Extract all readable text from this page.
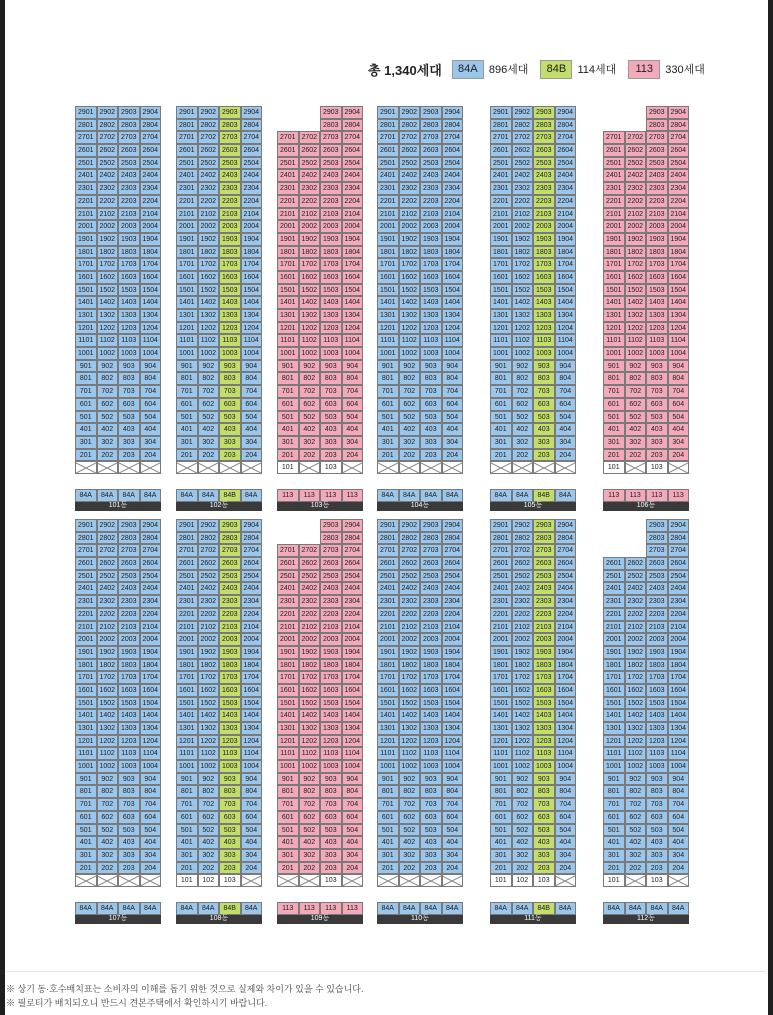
총 1,340세대	84A	896세대	84B	114세대	113	330세대
2901 2902 2903 2904
2801 2802 2803 2804
2701 2702 2703 2704
2601 2602 2603 2604
2501 2502 2503 2504
2401 2402 2403 2404
2301 2302 2303 2304
2201 2202 2203 2204
2101 2102 2103 2104
2001 2002 2003 2004
1901 1902 1903 1904
1801 1802 1803 1804
1701 1702 1703 1704
1601 1602 1603 1604
1501 1502 1503 1504
1401 1402 1403 1404
1301 1302 1303 1304
1201 1202 1203 1204
1101 1102 1103 1104
1001 1002 1003 1004
901	902	903	904
801	802	803	804
701	702	703	704
601	602	603	604
501	502	503	504
401	402	403	404
301	302	303	304
201	202	203	204
84A	84A	84A	84A
101동
2901 2902 2903 2904
2801 2802 2803 2804
2701 2702 2703 2704
2601 2602 2603 2604
2501 2502 2503 2504
2401 2402 2403 2404
2301 2302 2303 2304
2201 2202 2203 2204
2101 2102 2103 2104
2001 2002 2003 2004
1901 1902 1903 1904
1801 1802 1803 1804
1701 1702 1703 1704
1601 1602 1603 1604
1501 1502 1503 1504
1401 1402 1403 1404
1301 1302 1303 1304
1201 1202 1203 1204
1101 1102 1103 1104
1001 1002 1003 1004
901	902	903	904
801	802	803	804
701	702	703	704
601	602	603	604
501	502	503	504
401	402	403	404
301	302	303	304
201	202	203	204
84A	84A	84B	84A
102동
2903 2904
2803 2804
2701 2702 2703 2704
2601 2602 2603 2604
2501 2502 2503 2504
2401 2402 2403 2404
2301 2302 2303 2304
2201 2202 2203 2204
2101 2102 2103 2104
2001 2002 2003 2004
1901 1902 1903 1904
1801 1802 1803 1804
1701 1702 1703 1704
1601 1602 1603 1604
1501 1502 1503 1504
1401 1402 1403 1404
1301 1302 1303 1304
1201 1202 1203 1204
1101 1102 1103 1104
1001 1002 1003 1004
901	902	903	904
801	802	803	804
701	702	703	704
601	602	603	604
501	502	503	504
401	402	403	404
301	302	303	304
201	202	203	204
101	103
113	113	113	113
103동
2901 2902 2903 2904
2801 2802 2803 2804
2701 2702 2703 2704
2601 2602 2603 2604
2501 2502 2503 2504
2401 2402 2403 2404
2301 2302 2303 2304
2201 2202 2203 2204
2101 2102 2103 2104
2001 2002 2003 2004
1901 1902 1903 1904
1801 1802 1803 1804
1701 1702 1703 1704
1601 1602 1603 1604
1501 1502 1503 1504
1401 1402 1403 1404
1301 1302 1303 1304
1201 1202 1203 1204
1101 1102 1103 1104
1001 1002 1003 1004
901	902	903	904
801	802	803	804
701	702	703	704
601	602	603	604
501	502	503	504
401	402	403	404
301	302	303	304
201	202	203	204
84A	84A	84A	84A
104동
2901 2902 2903 2904
2801 2802 2803 2804
2701 2702 2703 2704
2601 2602 2603 2604
2501 2502 2503 2504
2401 2402 2403 2404
2301 2302 2303 2304
2201 2202 2203 2204
2101 2102 2103 2104
2001 2002 2003 2004
1901 1902 1903 1904
1801 1802 1803 1804
1701 1702 1703 1704
1601 1602 1603 1604
1501 1502 1503 1504
1401 1402 1403 1404
1301 1302 1303 1304
1201 1202 1203 1204
1101 1102 1103 1104
1001 1002 1003 1004
901	902	903	904
801	802	803	804
701	702	703	704
601	602	603	604
501	502	503	504
401	402	403	404
301	302	303	304
201	202	203	204
84A	84A	84B	84A
105동
2903 2904
2803 2804
2701 2702 2703 2704
2601 2602 2603 2604
2501 2502 2503 2504
2401 2402 2403 2404
2301 2302 2303 2304
2201 2202 2203 2204
2101 2102 2103 2104
2001 2002 2003 2004
1901 1902 1903 1904
1801 1802 1803 1804
1701 1702 1703 1704
1601 1602 1603 1604
1501 1502 1503 1504
1401 1402 1403 1404
1301 1302 1303 1304
1201 1202 1203 1204
1101 1102 1103 1104
1001 1002 1003 1004
901	902	903	904
801	802	803	804
701	702	703	704
601	602	603	604
501	502	503	504
401	402	403	404
301	302	303	304
201	202	203	204
101	103
113	113	113	113
106동
2901 2902 2903 2904
2801 2802 2803 2804
2701 2702 2703 2704
2601 2602 2603 2604
2501 2502 2503 2504
2401 2402 2403 2404
2301 2302 2303 2304
2201 2202 2203 2204
2101 2102 2103 2104
2001 2002 2003 2004
1901 1902 1903 1904
1801 1802 1803 1804
1701 1702 1703 1704
1601 1602 1603 1604
1501 1502 1503 1504
1401 1402 1403 1404
1301 1302 1303 1304
1201 1202 1203 1204
1101 1102 1103 1104
1001 1002 1003 1004
901	902	903	904
801	802	803	804
701	702	703	704
601	602	603	604
501	502	503	504
401	402	403	404
301	302	303	304
201	202	203	204
84A	84A	84A	84A
107동
2901 2902 2903 2904
2801 2802 2803 2804
2701 2702 2703 2704
2601 2602 2603 2604
2501 2502 2503 2504
2401 2402 2403 2404
2301 2302 2303 2304
2201 2202 2203 2204
2101 2102 2103 2104
2001 2002 2003 2004
1901 1902 1903 1904
1801 1802 1803 1804
1701 1702 1703 1704
1601 1602 1603 1604
1501 1502 1503 1504
1401 1402 1403 1404
1301 1302 1303 1304
1201 1202 1203 1204
1101 1102 1103 1104
1001 1002 1003 1004
901	902	903	904
801	802	803	804
701	702	703	704
601	602	603	604
501	502	503	504
401	402	403	404
301	302	303	304
201	202	203	204
101	102	103
84A	84A	84B	84A
108동
2903 2904
2803 2804
2701 2702 2703 2704
2601 2602 2603 2604
2501 2502 2503 2504
2401 2402 2403 2404
2301 2302 2303 2304
2201 2202 2203 2204
2101 2102 2103 2104
2001 2002 2003 2004
1901 1902 1903 1904
1801 1802 1803 1804
1701 1702 1703 1704
1601 1602 1603 1604
1501 1502 1503 1504
1401 1402 1403 1404
1301 1302 1303 1304
1201 1202 1203 1204
1101 1102 1103 1104
1001 1002 1003 1004
901	902	903	904
801	802	803	804
701	702	703	704
601	602	603	604
501	502	503	504
401	402	403	404
301	302	303	304
201	202	203	204
103
113	113	113	113
109동
2901 2902 2903 2904
2801 2802 2803 2804
2701 2702 2703 2704
2601 2602 2603 2604
2501 2502 2503 2504
2401 2402 2403 2404
2301 2302 2303 2304
2201 2202 2203 2204
2101 2102 2103 2104
2001 2002 2003 2004
1901 1902 1903 1904
1801 1802 1803 1804
1701 1702 1703 1704
1601 1602 1603 1604
1501 1502 1503 1504
1401 1402 1403 1404
1301 1302 1303 1304
1201 1202 1203 1204
1101 1102 1103 1104
1001 1002 1003 1004
901	902	903	904
801	802	803	804
701	702	703	704
601	602	603	604
501	502	503	504
401	402	403	404
301	302	303	304
201	202	203	204
84A	84A	84A	84A
110동
2901 2902 2903 2904
2801 2802 2803 2804
2701 2702 2703 2704
2601 2602 2603 2604
2501 2502 2503 2504
2401 2402 2403 2404
2301 2302 2303 2304
2201 2202 2203 2204
2101 2102 2103 2104
2001 2002 2003 2004
1901 1902 1903 1904
1801 1802 1803 1804
1701 1702 1703 1704
1601 1602 1603 1604
1501 1502 1503 1504
1401 1402 1403 1404
1301 1302 1303 1304
1201 1202 1203 1204
1101 1102 1103 1104
1001 1002 1003 1004
901	902	903	904
801	802	803	804
701	702	703	704
601	602	603	604
501	502	503	504
401	402	403	404
301	302	303	304
201	202	203	204
101	102	103
84A	84A	84B	84A
111동
2903 2904
2803 2804
2703 2704
2601 2602 2603 2604
2501 2502 2503 2504
2401 2402 2403 2404
2301 2302 2303 2304
2201 2202 2203 2204
2101 2102 2103 2104
2001 2002 2003 2004
1901 1902 1903 1904
1801 1802 1803 1804
1701 1702 1703 1704
1601 1602 1603 1604
1501 1502 1503 1504
1401 1402 1403 1404
1301 1302 1303 1304
1201 1202 1203 1204
1101 1102 1103 1104
1001 1002 1003 1004
901	902	903	904
801	802	803	804
701	702	703	704
601	602	603	604
501	502	503	504
401	402	403	404
301	302	303	304
201	202	203	204
101	103
84A	84A	84A	84A
112동
※ 상기 동·호수배치표는 소비자의 이해를 돕기 위한 것으로 실제와 차이가 있을 수 있습니다.
※ 필로티가 배치되오니 반드시 견본주택에서 확인하시기 바랍니다.
